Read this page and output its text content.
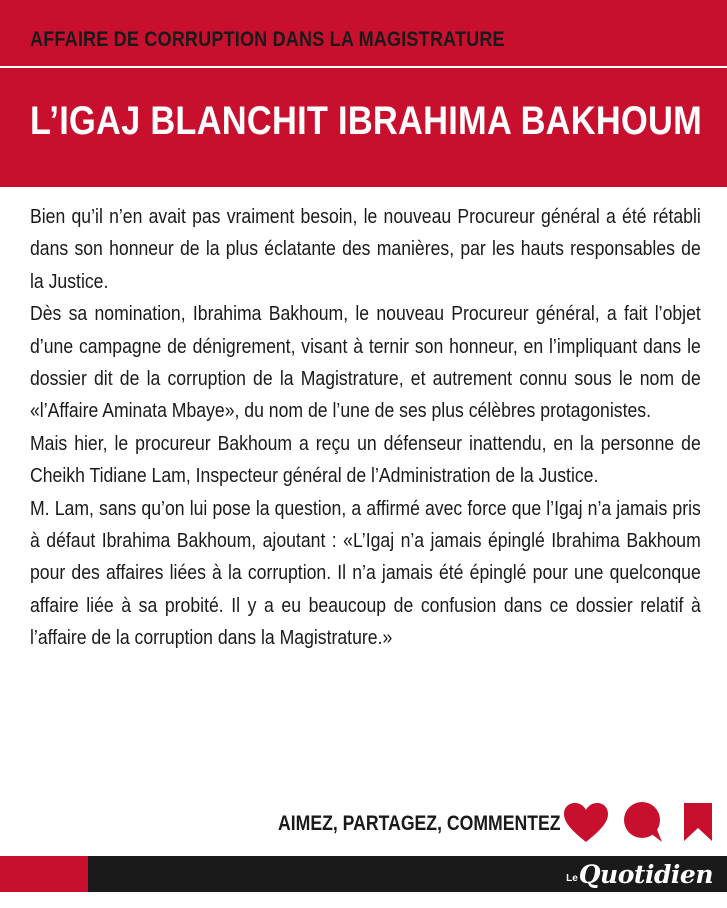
AFFAIRE DE CORRUPTION DANS LA MAGISTRATURE
L’IGAJ BLANCHIT IBRAHIMA BAKHOUM

Bien qu’il n’en avait pas vraiment besoin, le nouveau Procureur général a été rétabli dans son honneur de la plus éclatante des manières, par les hauts responsables de la Justice.

Dès sa nomination, Ibrahima Bakhoum, le nouveau Procureur général, a fait l’objet d’une campagne de dénigrement, visant à ternir son honneur, en l’impliquant dans le dossier dit de la corruption de la Magistrature, et autrement connu sous le nom de «l’Affaire Aminata Mbaye», du nom de l’une de ses plus célèbres protagonistes.

Mais hier, le procureur Bakhoum a reçu un défenseur inattendu, en la personne de Cheikh Tidiane Lam, Inspecteur général de l’Administration de la Justice.

M. Lam, sans qu’on lui pose la question, a affirmé avec force que l’Igaj n’a jamais pris à défaut Ibrahima Bakhoum, ajoutant : «L’Igaj n’a jamais épinglé Ibrahima Bakhoum pour des affaires liées à la corruption. Il n’a jamais été épinglé pour une quelconque affaire liée à sa probité. Il y a eu beaucoup de confusion dans ce dossier relatif à l’affaire de la corruption dans la Magistrature.»

AIMEZ, PARTAGEZ, COMMENTEZ
Le Quotidien
